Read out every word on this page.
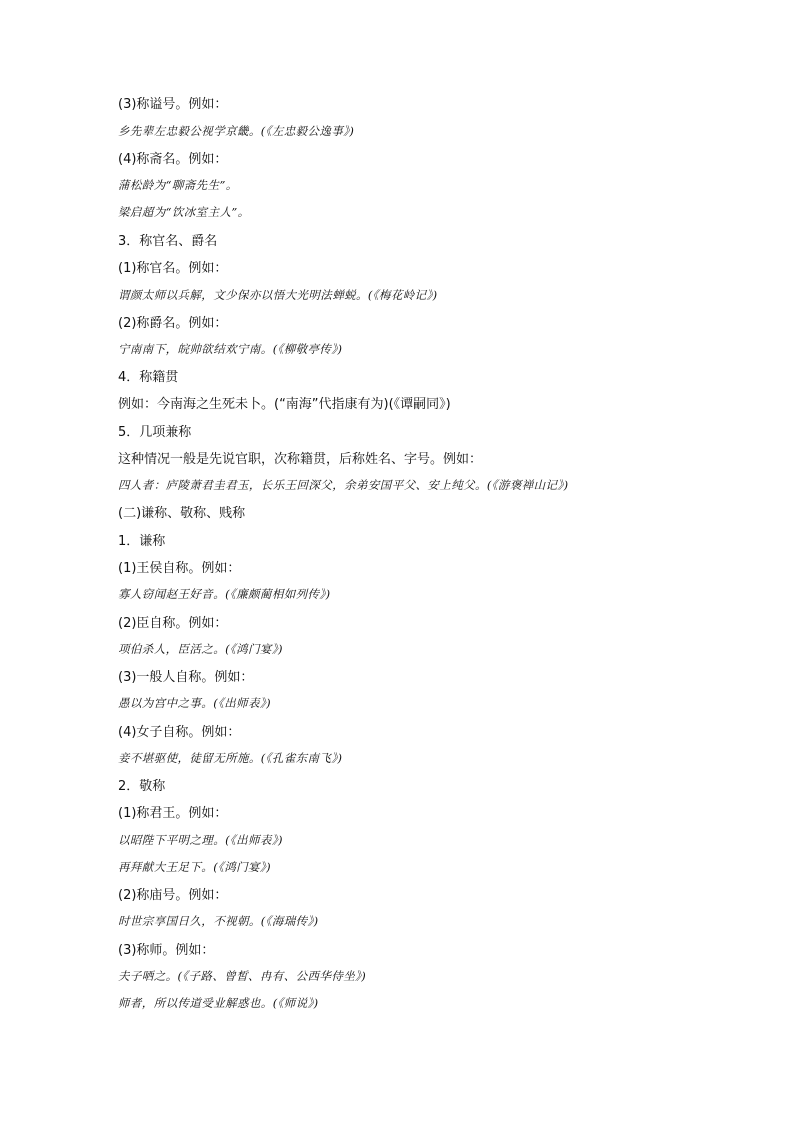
(3)称谥号。例如：
乡先辈左忠毅公视学京畿。(《左忠毅公逸事》)
(4)称斋名。例如：
蒲松龄为“聊斋先生”。
梁启超为“饮冰室主人”。
3．称官名、爵名
(1)称官名。例如：
谓颜太师以兵解，文少保亦以悟大光明法蝉蜕。(《梅花岭记》)
(2)称爵名。例如：
宁南南下，皖帅欲结欢宁南。(《柳敬亭传》)
4．称籍贯
例如：今南海之生死未卜。(“南海”代指康有为)(《谭嗣同》)
5．几项兼称
这种情况一般是先说官职，次称籍贯，后称姓名、字号。例如：
四人者：庐陵萧君圭君玉，长乐王回深父，余弟安国平父、安上纯父。(《游褒禅山记》)
(二)谦称、敬称、贱称
1．谦称
(1)王侯自称。例如：
寡人窃闻赵王好音。(《廉颇蔺相如列传》)
(2)臣自称。例如：
项伯杀人，臣活之。(《鸿门宴》)
(3)一般人自称。例如：
愚以为宫中之事。(《出师表》)
(4)女子自称。例如：
妾不堪驱使，徒留无所施。(《孔雀东南飞》)
2．敬称
(1)称君王。例如：
以昭陛下平明之理。(《出师表》)
再拜献大王足下。(《鸿门宴》)
(2)称庙号。例如：
时世宗享国日久，不视朝。(《海瑞传》)
(3)称师。例如：
夫子哂之。(《子路、曾皙、冉有、公西华侍坐》)
师者，所以传道受业解惑也。(《师说》)
